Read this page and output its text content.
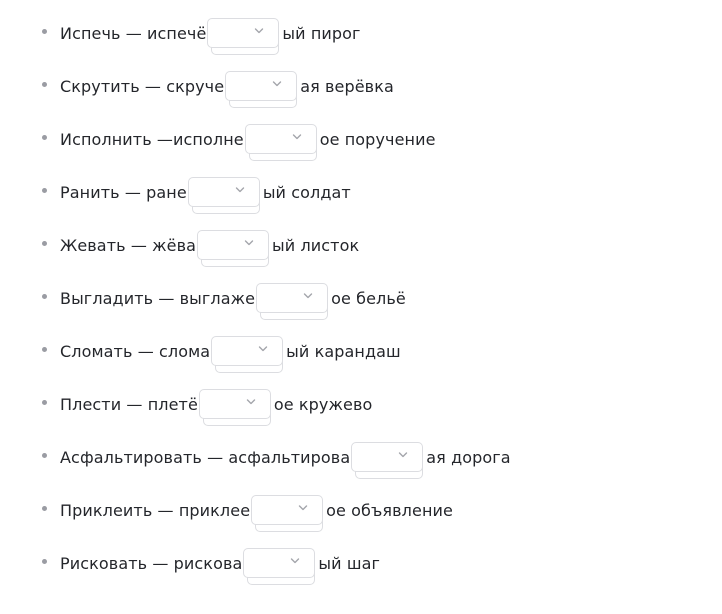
Испечь — испечё	ый пирог
Скрутить — скруче	ая верёвка
Исполнить —исполне	ое поручение
Ранить — ране	ый солдат
Жевать — жёва	ый листок
Выгладить — выглаже	ое бельё
Сломать — слома	ый карандаш
Плести — плетё	ое кружево
Асфальтировать — асфальтирова	ая дорога
Приклеить — приклее	ое объявление
Рисковать — рискова	ый шаг
